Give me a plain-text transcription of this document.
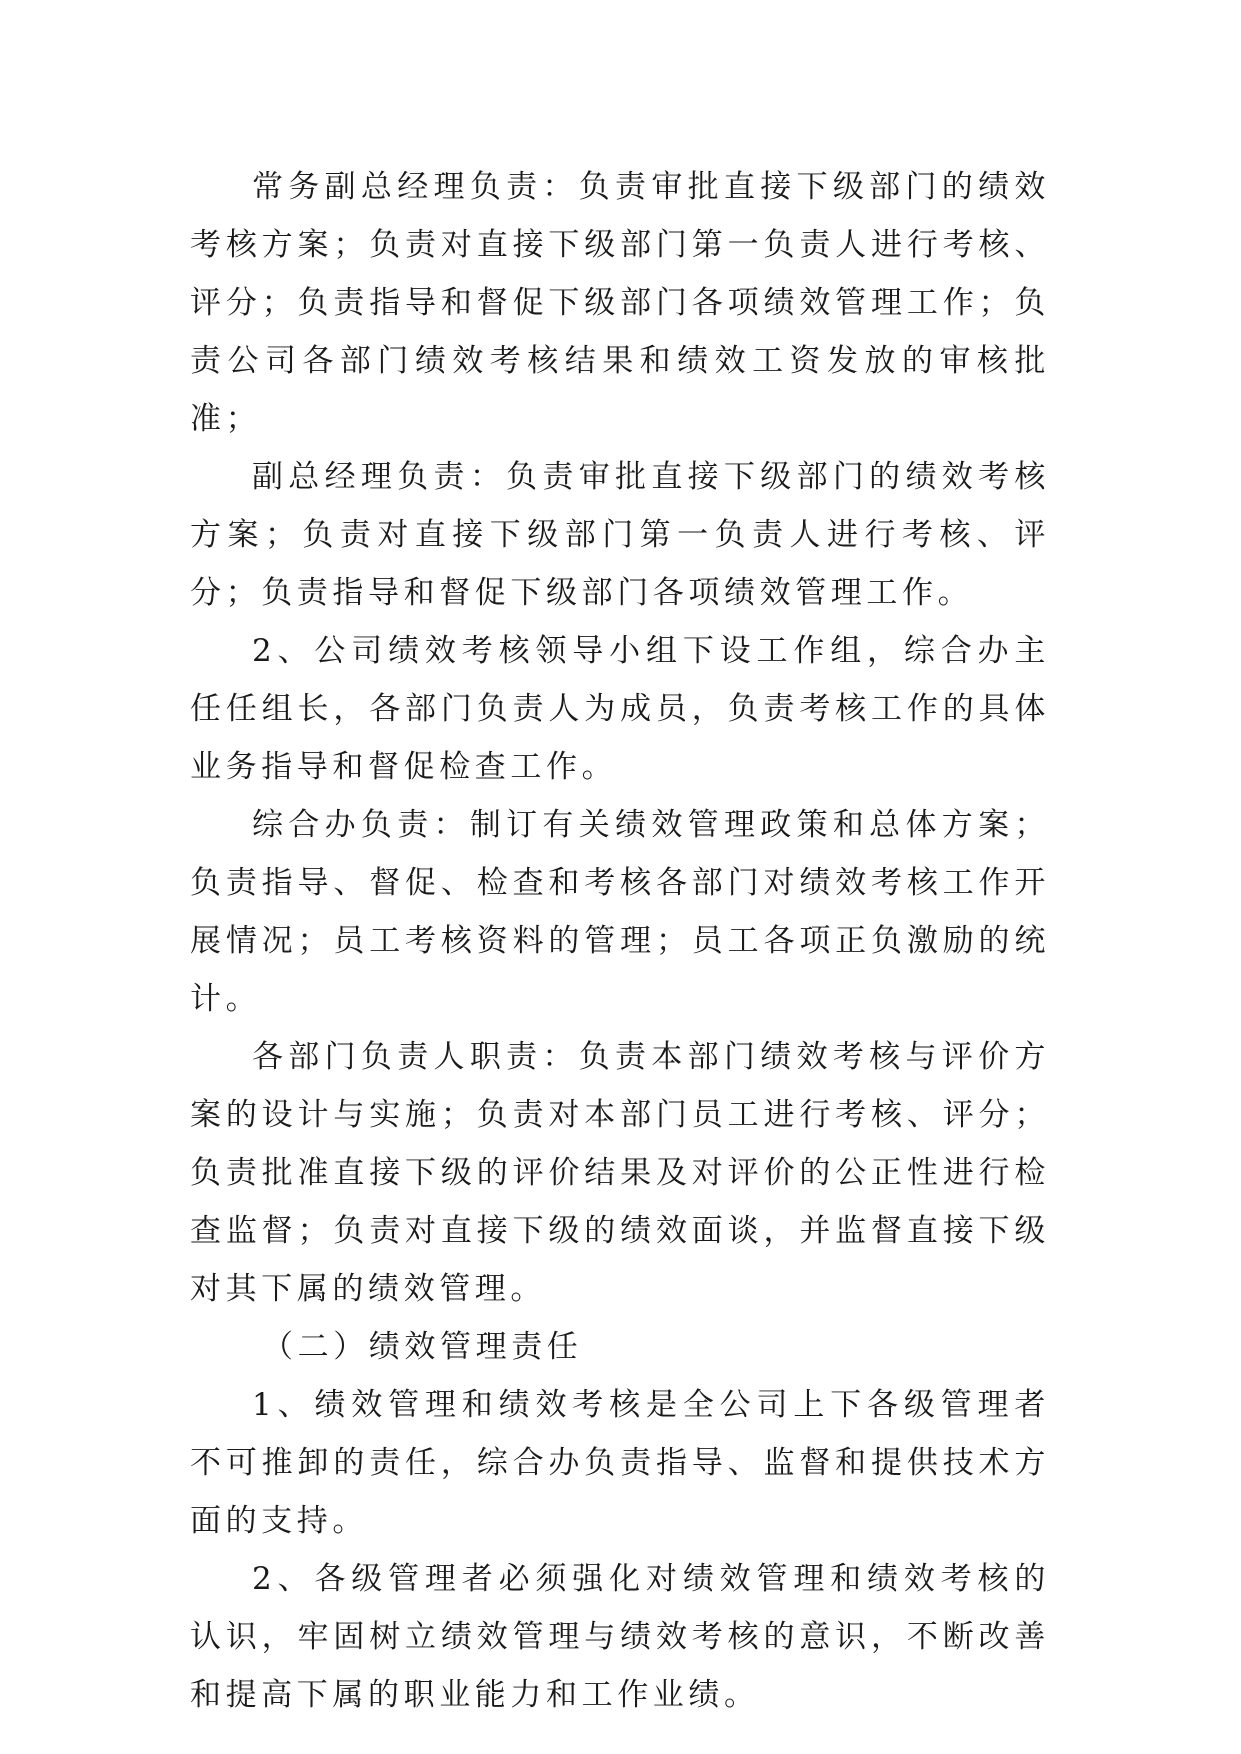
常务副总经理负责：负责审批直接下级部门的绩效考核方案；负责对直接下级部门第一负责人进行考核、评分；负责指导和督促下级部门各项绩效管理工作；负责公司各部门绩效考核结果和绩效工资发放的审核批准；

副总经理负责：负责审批直接下级部门的绩效考核方案；负责对直接下级部门第一负责人进行考核、评分；负责指导和督促下级部门各项绩效管理工作。

2、公司绩效考核领导小组下设工作组，综合办主任任组长，各部门负责人为成员，负责考核工作的具体业务指导和督促检查工作。

综合办负责：制订有关绩效管理政策和总体方案；负责指导、督促、检查和考核各部门对绩效考核工作开展情况；员工考核资料的管理；员工各项正负激励的统计。

各部门负责人职责：负责本部门绩效考核与评价方案的设计与实施；负责对本部门员工进行考核、评分；负责批准直接下级的评价结果及对评价的公正性进行检查监督；负责对直接下级的绩效面谈，并监督直接下级对其下属的绩效管理。

（二）绩效管理责任

1、绩效管理和绩效考核是全公司上下各级管理者不可推卸的责任，综合办负责指导、监督和提供技术方面的支持。

2、各级管理者必须强化对绩效管理和绩效考核的认识，牢固树立绩效管理与绩效考核的意识，不断改善和提高下属的职业能力和工作业绩。
